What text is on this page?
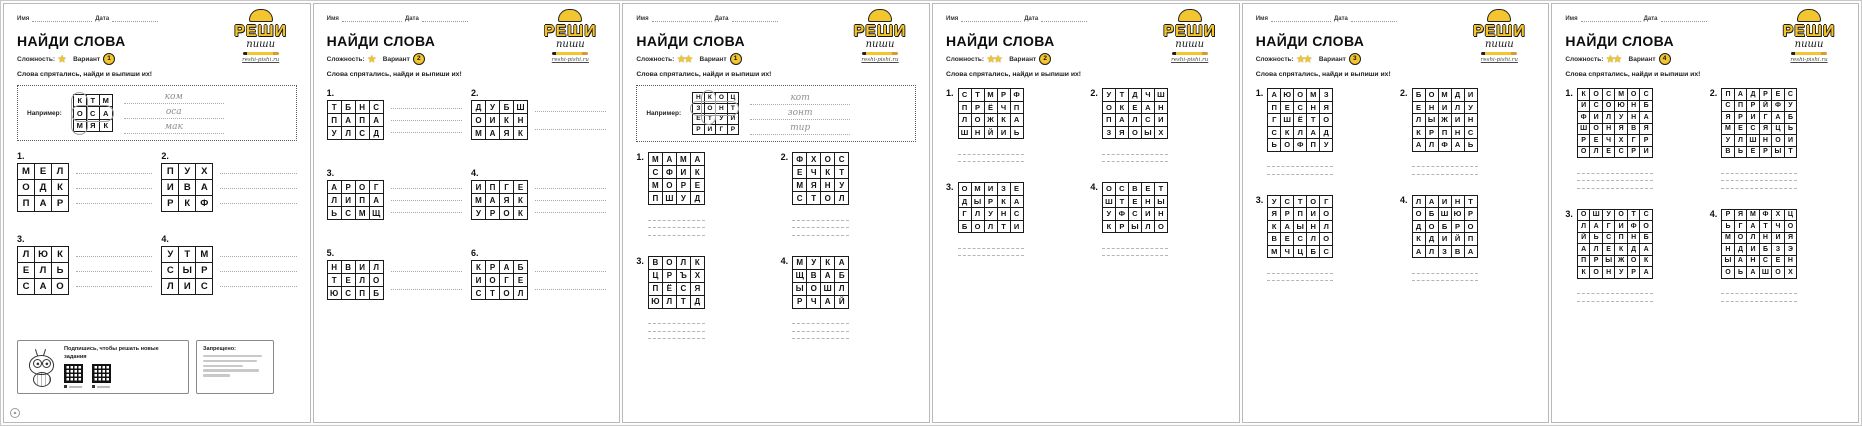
Имя	Дата
РЕШИ
пиши
reshi-pishi.ru
НАЙДИ СЛОВА
Сложность: ★ Вариант	1
Слова спрятались, найди и выпиши их!
Например:
К	Т	М
О	С	А
М	Я	К
ком
оса
мак
1.
М	Е	Л
О	Д	К
П	А	Р
2.
П	У	Х
И	В	А
Р	К	Ф
3.
Л	Ю	К
Е	Л	Ь
С	А	О
4.
У	Т	М
С	Ы	Р
Л	И	С
Подпишись, чтобы решать новые задания
Запрещено:
Имя	Дата
РЕШИ
пиши
reshi-pishi.ru
НАЙДИ СЛОВА
Сложность: ★ Вариант	2
Слова спрятались, найди и выпиши их!
1.
Т	Б	Н	С
П	А	П	А
У	Л	С	Д
2.
Д	У	Б	Ш
О	И	К	Н
М	А	Я	К
3.
А	Р	О	Г
Л	И	П	А
Ь	С	М	Щ
4.
И	П	Г	Е
М	А	Я	К
У	Р	О	К
5.
Н	В	И	Л
Т	Е	Л	О
Ю	С	П	Б
6.
К	Р	А	Б
И	О	Г	Е
С	Т	О	Л
Имя	Дата
РЕШИ
пиши
reshi-pishi.ru
НАЙДИ СЛОВА
Сложность: ★ ★ Вариант	1
Слова спрятались, найди и выпиши их!
Например:
Н	К	О	Ц
З	О	Н	Т
Е	Т	У	И
Р	И	Г	Р
кот
зонт
тир
1. М	А	М	А
С	Ф	И	К
М	О	Р	Е
П	Ш	У	Д
2. Ф	Х	О	С
Е	Ч	К	Т
М	Я	Н	У
С	Т	О	Л
3. В	О	Л	К
Ц	Р	Ъ	Х
П	Ё	С	Я
Ю	Л	Т	Д
4. М	У	К	А
Щ	В	А	Б
Ы	О	Ш	Л
Р	Ч	А	Й
Имя	Дата
РЕШИ
пиши
reshi-pishi.ru
НАЙДИ СЛОВА
Сложность: ★ ★ Вариант	2
Слова спрятались, найди и выпиши их!
1. С	Т	М	Р	Ф
П	Р	Ё	Ч	П
Л	О	Ж	К	А
Ш	Н	Й	И	Ь
2. У	Т	Д	Ч	Ш
О	К	Е	А	Н
П	А	Л	С	И
З	Я	О	Ы	Х
3. О	М	И	З	Е
Д	Ы	Р	К	А
Г	Л	У	Н	С
Б	О	Л	Т	И
4. О	С	В	Е	Т
Ш	Т	Е	Н	Ы
У	Ф	С	И	Н
К	Р	Ы	Л	О
Имя	Дата
РЕШИ
пиши
reshi-pishi.ru
НАЙДИ СЛОВА
Сложность: ★ ★ Вариант	3
Слова спрятались, найди и выпиши их!
1. А	Ю	О	М	З
П	Е	С	Н	Я
Г	Ш	Ё	Т	О
С	К	Л	А	Д
Ь	О	Ф	П	У
2. Б	О	М	Д	И
Е	Н	И	Л	У
Л	Ы	Ж	И	Н
К	Р	П	Н	С
А	Л	Ф	А	Ь
3. У	С	Т	О	Г
Я	Р	П	И	О
К	А	Ы	Н	Л
В	Е	С	Л	О
М	Ч	Ц	Б	С
4. Л	А	И	Н	Т
О	Б	Ш	Ю	Р
Д	О	Б	Р	О
К	Д	И	Й	П
А	Л	З	В	А
Имя	Дата
РЕШИ
пиши
reshi-pishi.ru
НАЙДИ СЛОВА
Сложность: ★ ★ Вариант	4
Слова спрятались, найди и выпиши их!
1. К	О	С	М	О	С
И	С	О	Ю	Н	Б
Ф	И	Л	У	Н	А
Ш	О	Н	Я	В	Я
Р	Е	Ч	Х	Г	Р
О	Л	Е	С	Р	И
2. П	А	Д	Р	Е	С
С	П	Р	Й	Ф	У
Я	Р	И	Г	А	Б
М	Е	С	Я	Ц	Ь
У	Л	Ш	Н	О	И
В	Ь	Е	Р	Ы	Т
3. О	Ш	У	О	Т	С
Л	А	Г	И	Ф	О
Й	Ь	С	П	Н	Б
А	Л	Е	К	Д	А
П	Р	Ы	Ж	О	К
К	О	Н	У	Р	А
4. Р	Я	М	Ф	Х	Ц
Ь	Г	А	Т	Ч	О
М	О	Л	Н	И	Я
Н	Д	И	Б	З	Э
Ы	А	Н	С	Е	Н
О	Ь	А	Ш	О	Х
